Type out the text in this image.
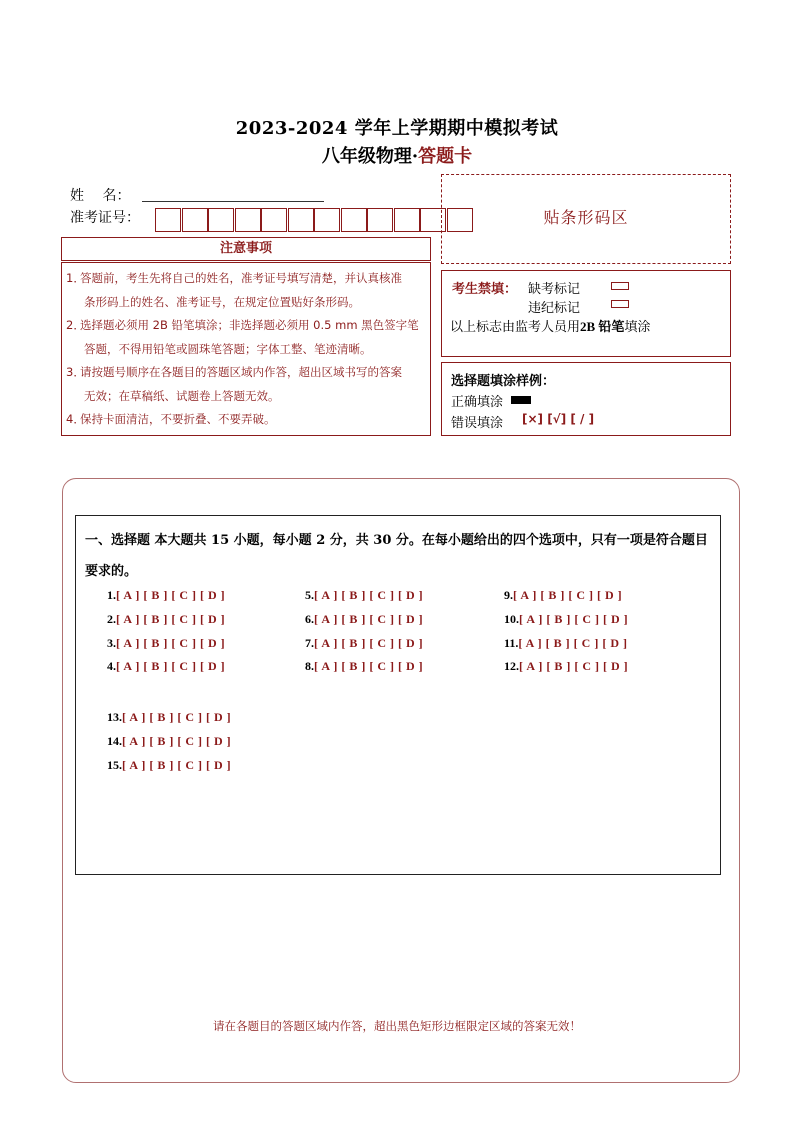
2023-2024 学年上学期期中模拟考试
八年级物理·答题卡
姓　 名：
准考证号：
注意事项
1．
答题前，考生先将自己的姓名，准考证号填写清楚，并认真核准
条形码上的姓名、准考证号，在规定位置贴好条形码。
2．
选择题必须用 2B 铅笔填涂；非选择题必须用 0.5 mm 黑色签字笔
答题，不得用铅笔或圆珠笔答题；字体工整、笔迹清晰。
3．
请按题号顺序在各题目的答题区域内作答，超出区域书写的答案
无效；在草稿纸、试题卷上答题无效。
4．
保持卡面清洁，不要折叠、不要弄破。
贴条形码区
考生禁填： 缺考标记
违纪标记
以上标志由监考人员用2B 铅笔填涂
选择题填涂样例：
正确填涂
错误填涂 [×] [√] [ / ]
一、选择题 本大题共 15 小题，每小题 2 分，共 30 分。在每小题给出的四个选项中，只有一项是符合题目要求的。
1.[ A ] [ B ] [ C ] [ D ]
2.[ A ] [ B ] [ C ] [ D ]
3.[ A ] [ B ] [ C ] [ D ]
4.[ A ] [ B ] [ C ] [ D ]
5.[ A ] [ B ] [ C ] [ D ]
6.[ A ] [ B ] [ C ] [ D ]
7.[ A ] [ B ] [ C ] [ D ]
8.[ A ] [ B ] [ C ] [ D ]
9.[ A ] [ B ] [ C ] [ D ]
10.[ A ] [ B ] [ C ] [ D ]
11.[ A ] [ B ] [ C ] [ D ]
12.[ A ] [ B ] [ C ] [ D ]
13.[ A ] [ B ] [ C ] [ D ]
14.[ A ] [ B ] [ C ] [ D ]
15.[ A ] [ B ] [ C ] [ D ]
请在各题目的答题区域内作答，超出黑色矩形边框限定区域的答案无效！
